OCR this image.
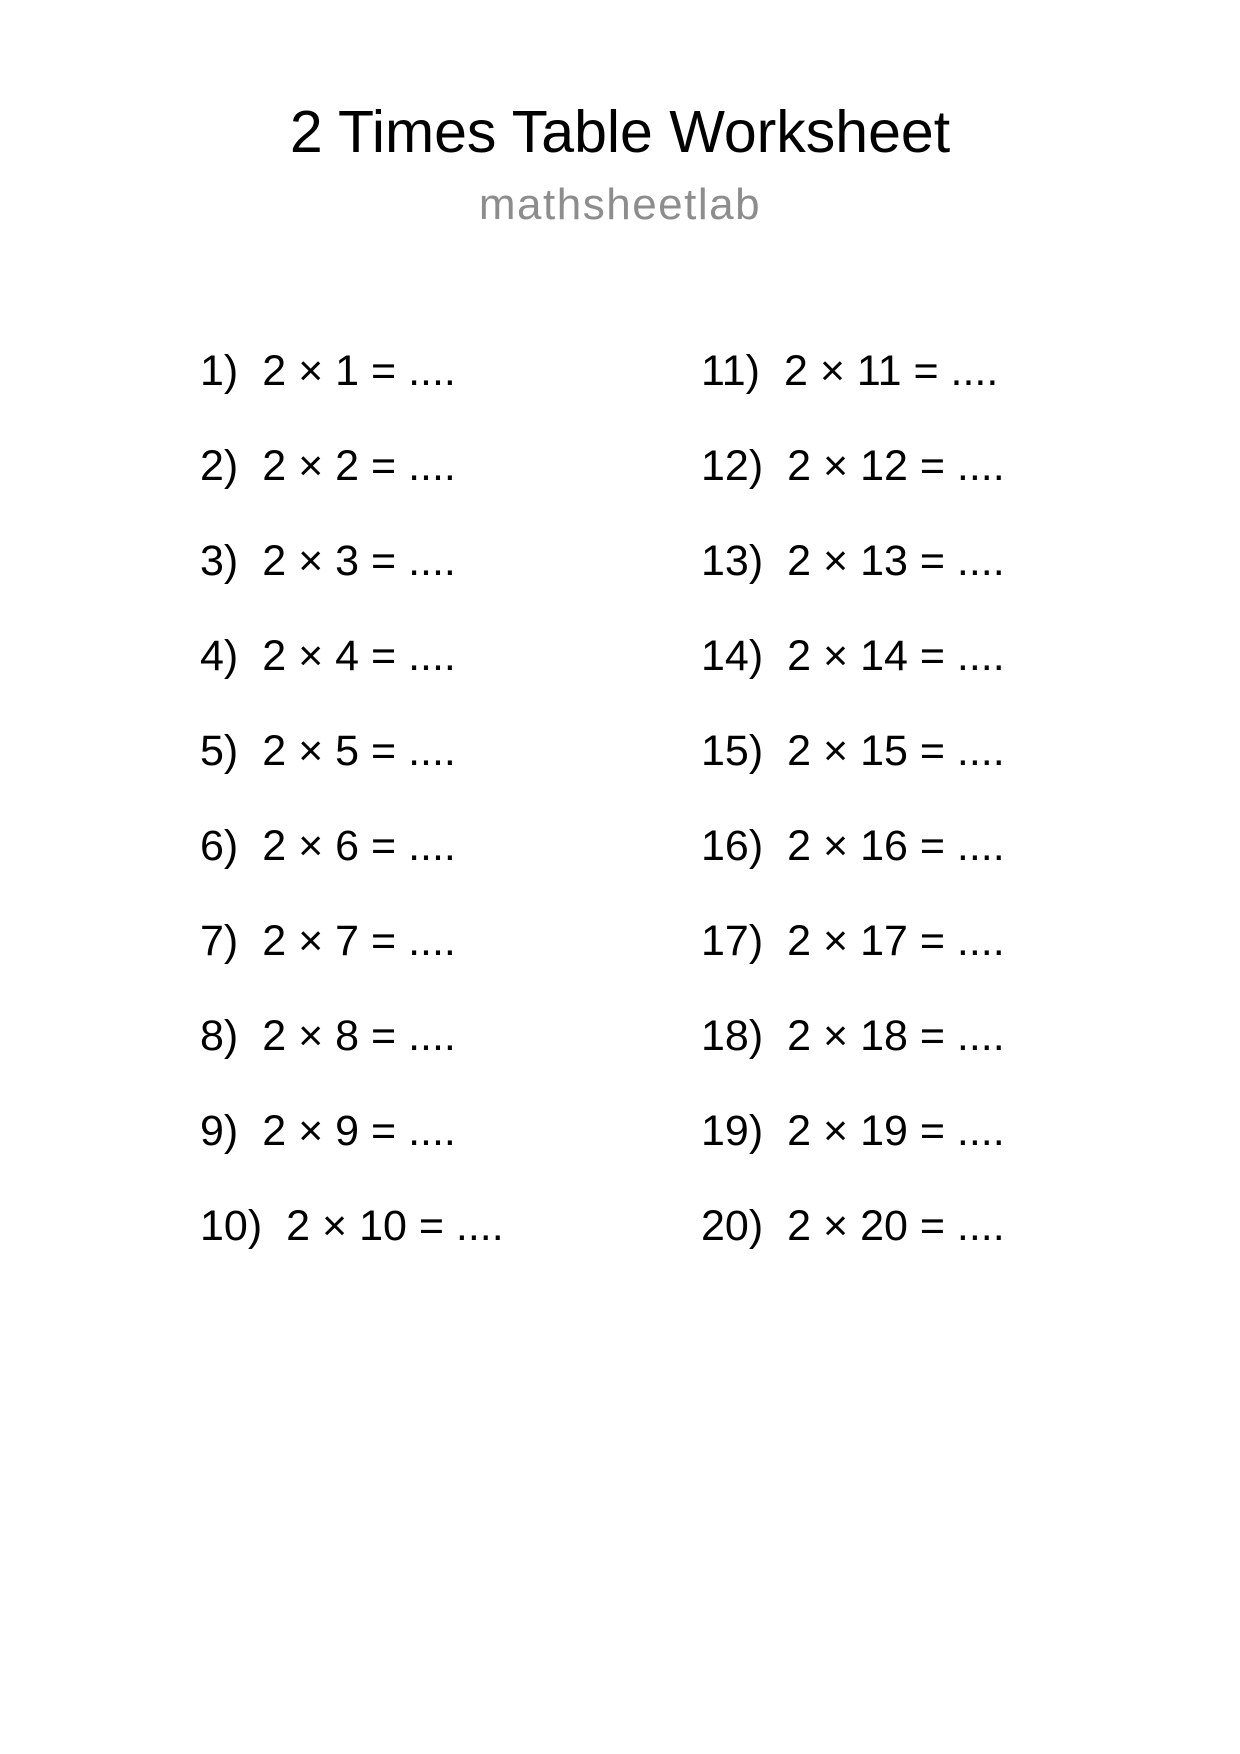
2 Times Table Worksheet
mathsheetlab
1) 2 × 1 = ....
2) 2 × 2 = ....
3) 2 × 3 = ....
4) 2 × 4 = ....
5) 2 × 5 = ....
6) 2 × 6 = ....
7) 2 × 7 = ....
8) 2 × 8 = ....
9) 2 × 9 = ....
10) 2 × 10 = ....
11) 2 × 11 = ....
12) 2 × 12 = ....
13) 2 × 13 = ....
14) 2 × 14 = ....
15) 2 × 15 = ....
16) 2 × 16 = ....
17) 2 × 17 = ....
18) 2 × 18 = ....
19) 2 × 19 = ....
20) 2 × 20 = ....
